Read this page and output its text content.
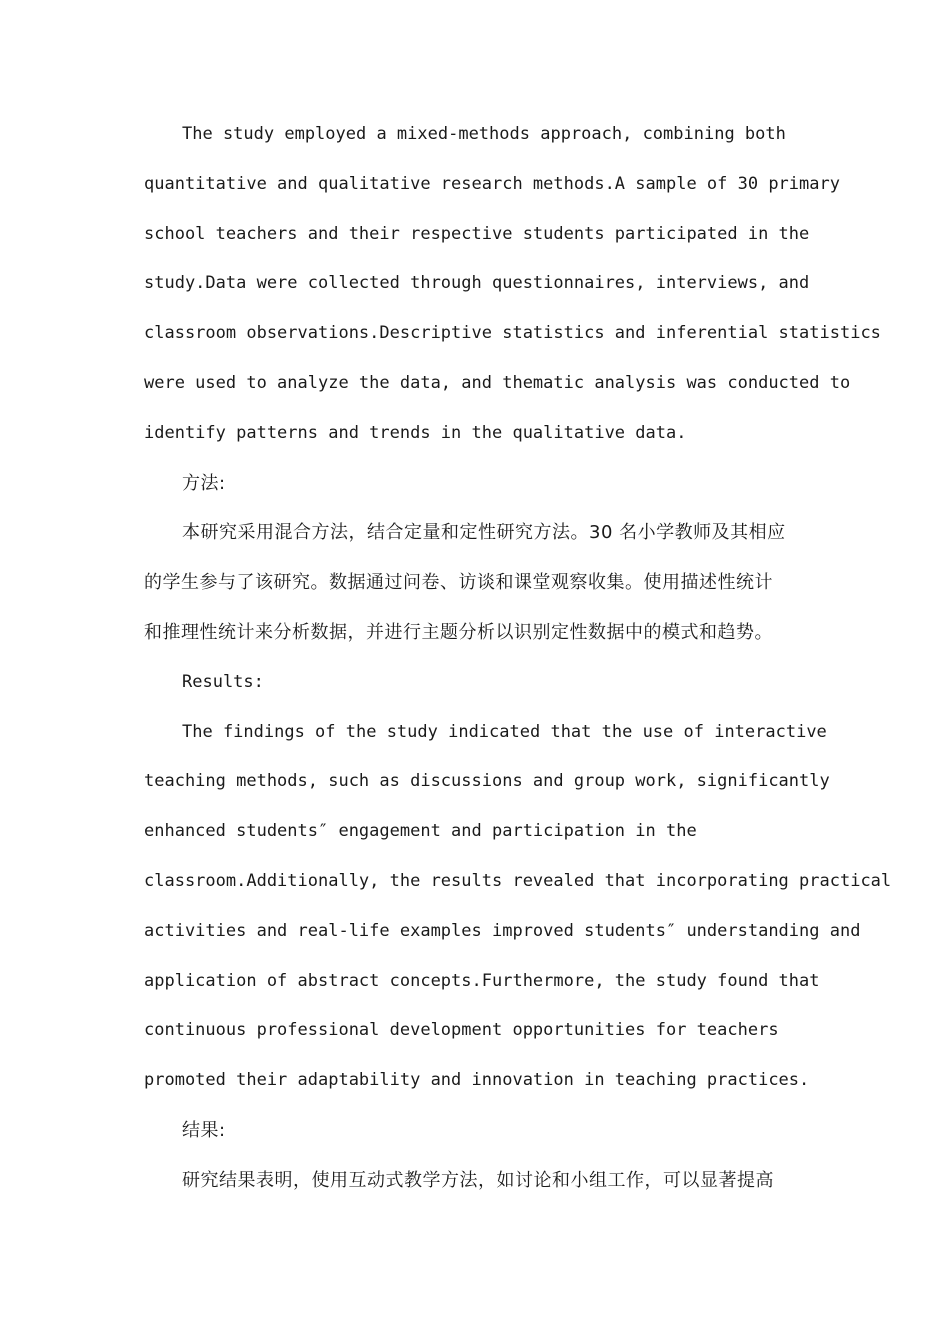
The study employed a mixed-methods approach, combining both
quantitative and qualitative research methods.A sample of 30 primary
school teachers and their respective students participated in the
study.Data were collected through questionnaires, interviews, and
classroom observations.Descriptive statistics and inferential statistics
were used to analyze the data, and thematic analysis was conducted to
identify patterns and trends in the qualitative data.
方法:
本研究采用混合方法，结合定量和定性研究方法。30 名小学教师及其相应
的学生参与了该研究。数据通过问卷、访谈和课堂观察收集。使用描述性统计
和推理性统计来分析数据，并进行主题分析以识别定性数据中的模式和趋势。
Results:
The findings of the study indicated that the use of interactive
teaching methods, such as discussions and group work, significantly
enhanced students″ engagement and participation in the
classroom.Additionally, the results revealed that incorporating practical
activities and real-life examples improved students″ understanding and
application of abstract concepts.Furthermore, the study found that
continuous professional development opportunities for teachers
promoted their adaptability and innovation in teaching practices.
结果:
研究结果表明，使用互动式教学方法，如讨论和小组工作，可以显著提高
